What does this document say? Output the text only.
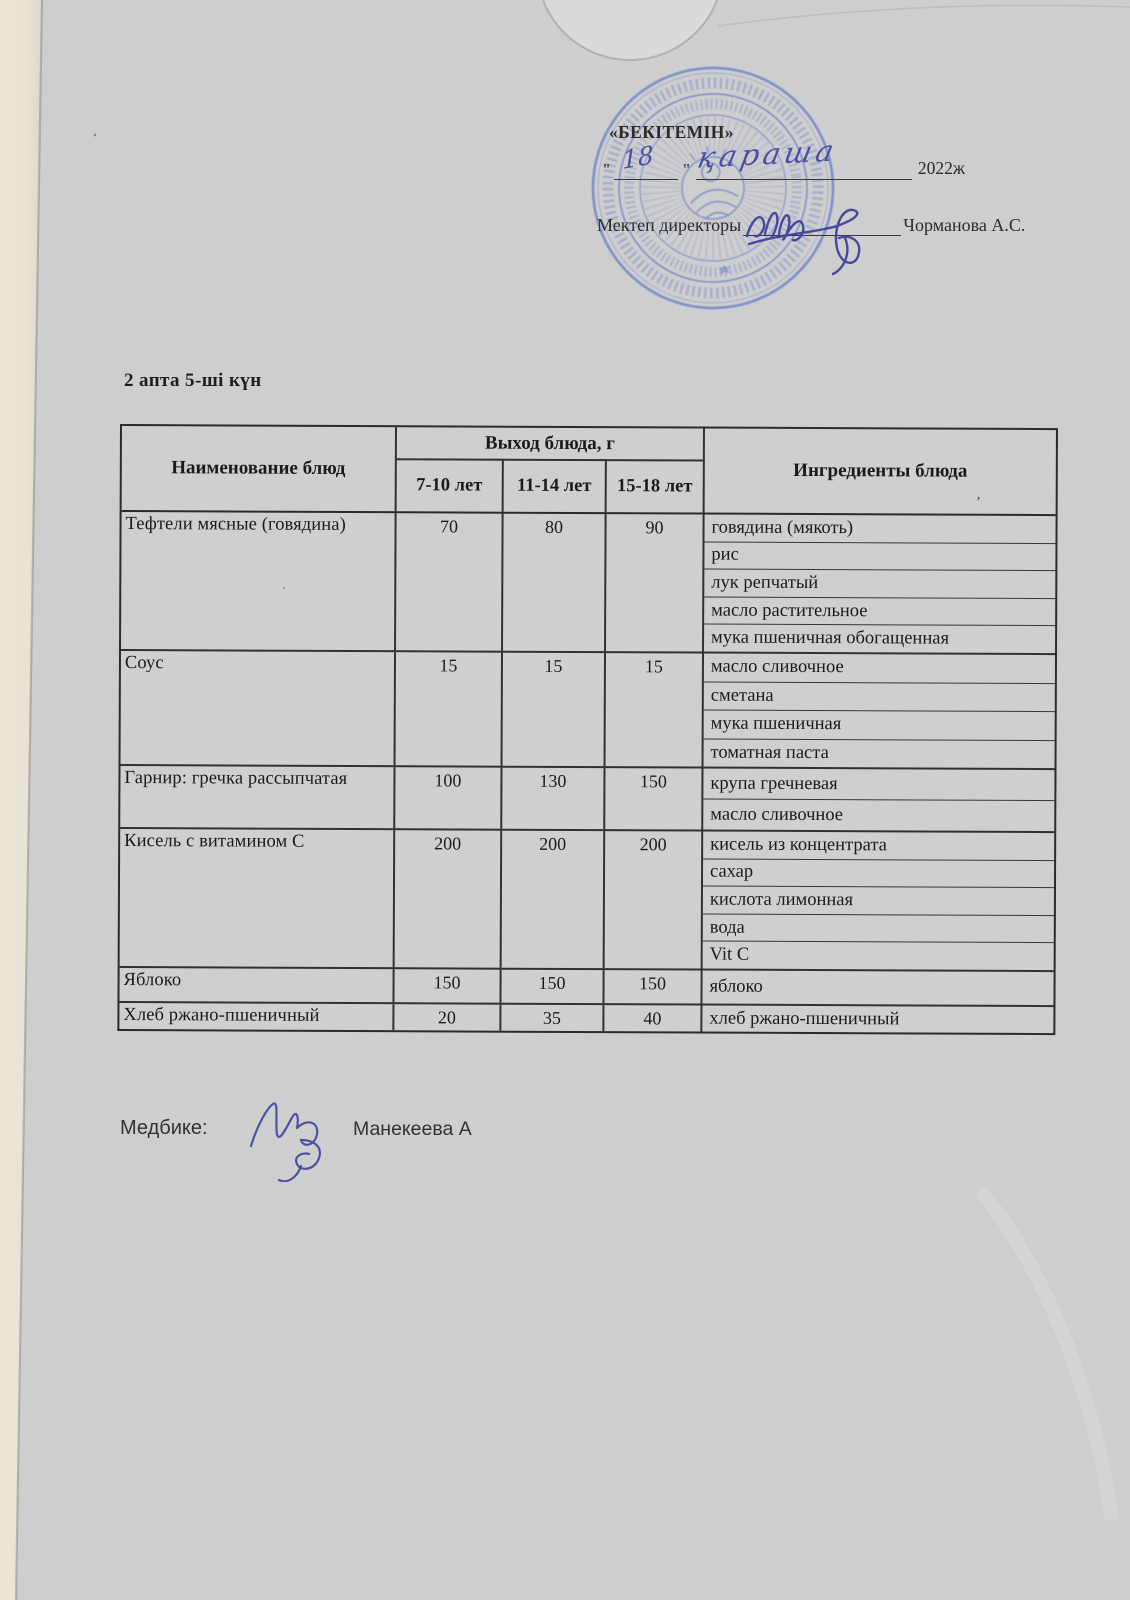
«БЕКІТЕМІН»
" 18 " қараша	2022ж
Мектеп директоры	Чорманова А.С.
2 апта 5-ші күн
Наименование блюд
Выход блюда, г
Ингредиенты блюда
’
7-10 лет	11-14 лет	15-18 лет
Тефтели мясные (говядина)	70	80	90	говядина (мякоть)
рис
лук репчатый
масло растительное
мука пшеничная обогащенная
Соус	15	15	15	масло сливочное
сметана
мука пшеничная
томатная паста
Гарнир: гречка рассыпчатая	100	130	150	крупа гречневая
масло сливочное
Кисель с витамином С	200	200	200	кисель из концентрата
сахар
кислота лимонная
вода
Vit C
Яблоко	150	150	150	яблоко
Хлеб ржано-пшеничный	20	35	40	хлеб ржано-пшеничный
Медбике:	Манекеева А
